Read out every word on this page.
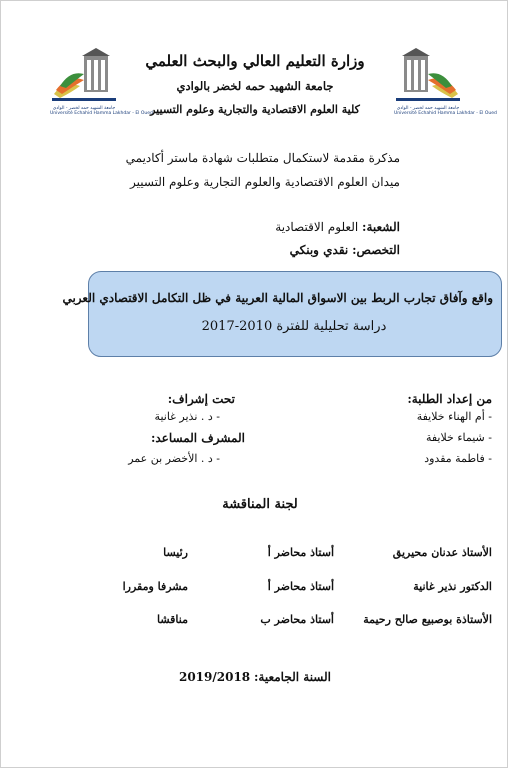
جامعة الشهيد حمه لخضر - الوادي
Université Echahid Hamma Lakhdar - El Oued
جامعة الشهيد حمه لخضر - الوادي
Université Echahid Hamma Lakhdar - El Oued
وزارة التعليم العالي والبحث العلمي
جامعة الشهيد حمه لخضر بالوادي
كلية العلوم الاقتصادية والتجارية وعلوم التسيير
مذكرة مقدمة لاستكمال متطلبات شهادة ماستر أكاديمي
ميدان العلوم الاقتصادية والعلوم التجارية وعلوم التسيير
الشعبة: العلوم الاقتصادية
التخصص: نقدي وبنكي
واقع وآفاق تجارب الربط بين الاسواق المالية العربية في ظل التكامل الاقتصادي العربي
دراسة تحليلية للفترة 2010-2017
من إعداد الطلبة:
- أم الهناء خلايفة
- شيماء خلايفة
- فاطمة مقدود
تحت إشراف:
- د . نذير غانية
المشرف المساعد:
- د . الأخضر بن عمر
لجنة المناقشة
الأستاذ عدنان محيريق
أستاذ محاضر أ
رئيسا
الدكتور نذير غانية
أستاذ محاضر أ
مشرفا ومقررا
الأستاذة بوصبيع صالح رحيمة
أستاذ محاضر ب
مناقشا
السنة الجامعية: 2019/2018
